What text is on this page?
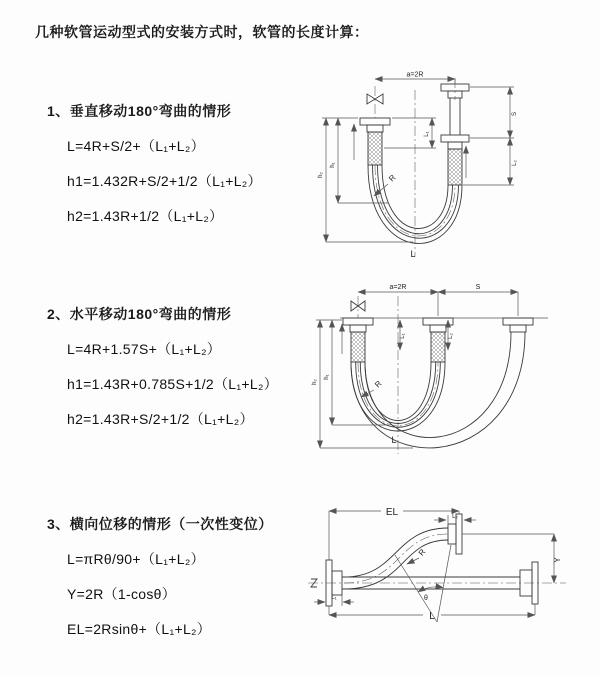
几种软管运动型式的安装方式时，软管的长度计算：
1、垂直移动180°弯曲的情形
L=4R+S/2+（L₁+L₂）
h1=1.432R+S/2+1/2（L₁+L₂）
h2=1.43R+1/2（L₁+L₂）
2、水平移动180°弯曲的情形
L=4R+1.57S+（L₁+L₂）
h1=1.43R+0.785S+1/2（L₁+L₂）
h2=1.43R+S/2+1/2（L₁+L₂）
3、横向位移的情形（一次性变位）
L=πRθ/90+（L₁+L₂）
Y=2R（1-cosθ）
EL=2Rsinθ+（L₁+L₂）
a=2R
h₂
h₁
L₁
S
L₂
R
L
a=2R	S
h₂
h₁
L₁	L₂
R
L
EL	L₂
Y
R
θ
L
L₁
